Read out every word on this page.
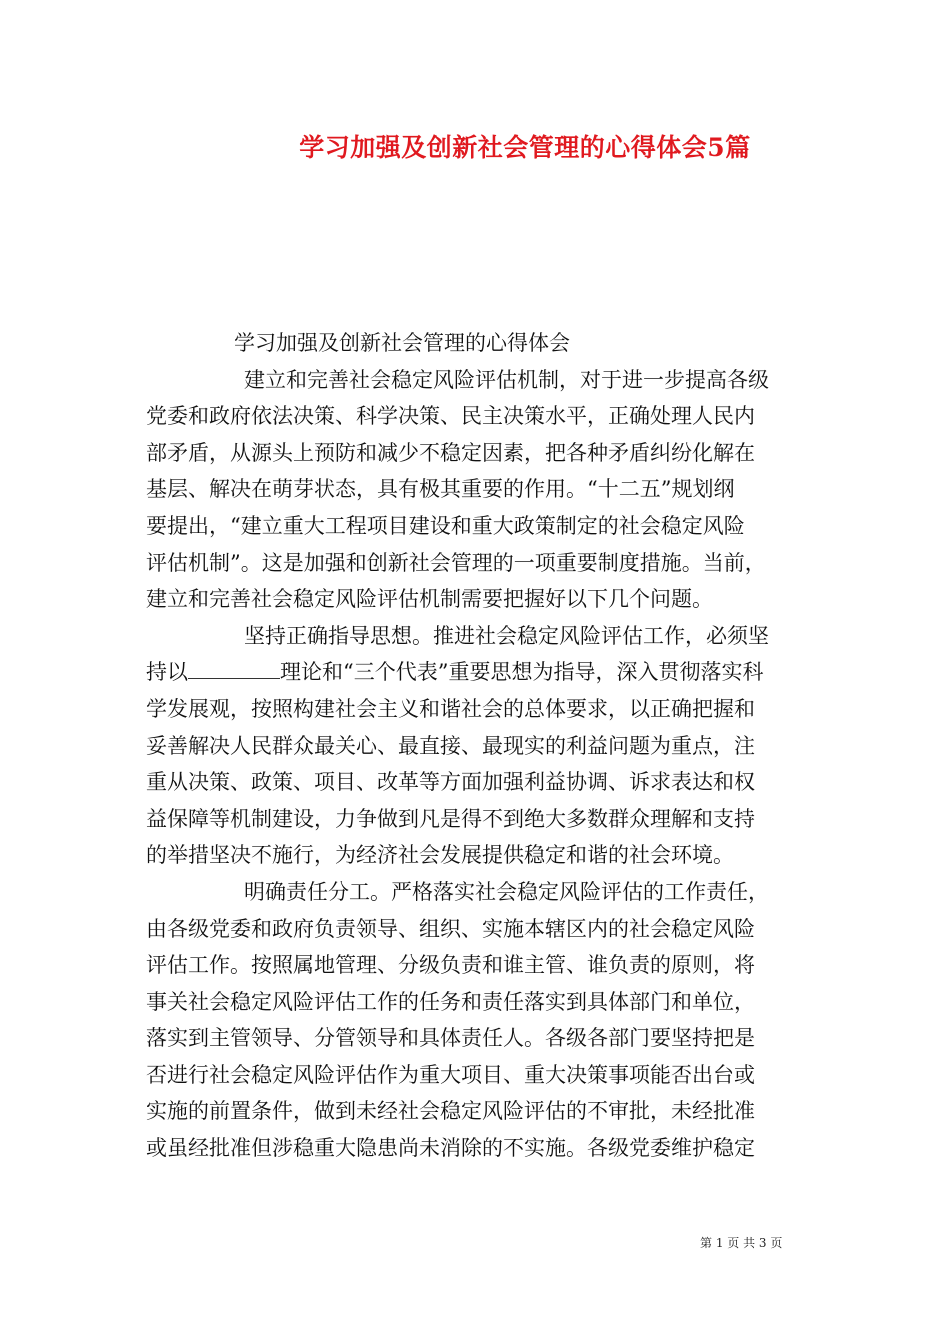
学习加强及创新社会管理的心得体会5篇
学习加强及创新社会管理的心得体会
建立和完善社会稳定风险评估机制，对于进一步提高各级
党委和政府依法决策、科学决策、民主决策水平，正确处理人民内
部矛盾，从源头上预防和减少不稳定因素，把各种矛盾纠纷化解在
基层、解决在萌芽状态，具有极其重要的作用。“十二五”规划纲
要提出，“建立重大工程项目建设和重大政策制定的社会稳定风险
评估机制”。这是加强和创新社会管理的一项重要制度措施。当前，
建立和完善社会稳定风险评估机制需要把握好以下几个问题。
坚持正确指导思想。推进社会稳定风险评估工作，必须坚
持以	理论和“三个代表”重要思想为指导，深入贯彻落实科
学发展观，按照构建社会主义和谐社会的总体要求，以正确把握和
妥善解决人民群众最关心、最直接、最现实的利益问题为重点，注
重从决策、政策、项目、改革等方面加强利益协调、诉求表达和权
益保障等机制建设，力争做到凡是得不到绝大多数群众理解和支持
的举措坚决不施行，为经济社会发展提供稳定和谐的社会环境。
明确责任分工。严格落实社会稳定风险评估的工作责任，
由各级党委和政府负责领导、组织、实施本辖区内的社会稳定风险
评估工作。按照属地管理、分级负责和谁主管、谁负责的原则，将
事关社会稳定风险评估工作的任务和责任落实到具体部门和单位，
落实到主管领导、分管领导和具体责任人。各级各部门要坚持把是
否进行社会稳定风险评估作为重大项目、重大决策事项能否出台或
实施的前置条件，做到未经社会稳定风险评估的不审批，未经批准
或虽经批准但涉稳重大隐患尚未消除的不实施。各级党委维护稳定
第 1 页 共 3 页
